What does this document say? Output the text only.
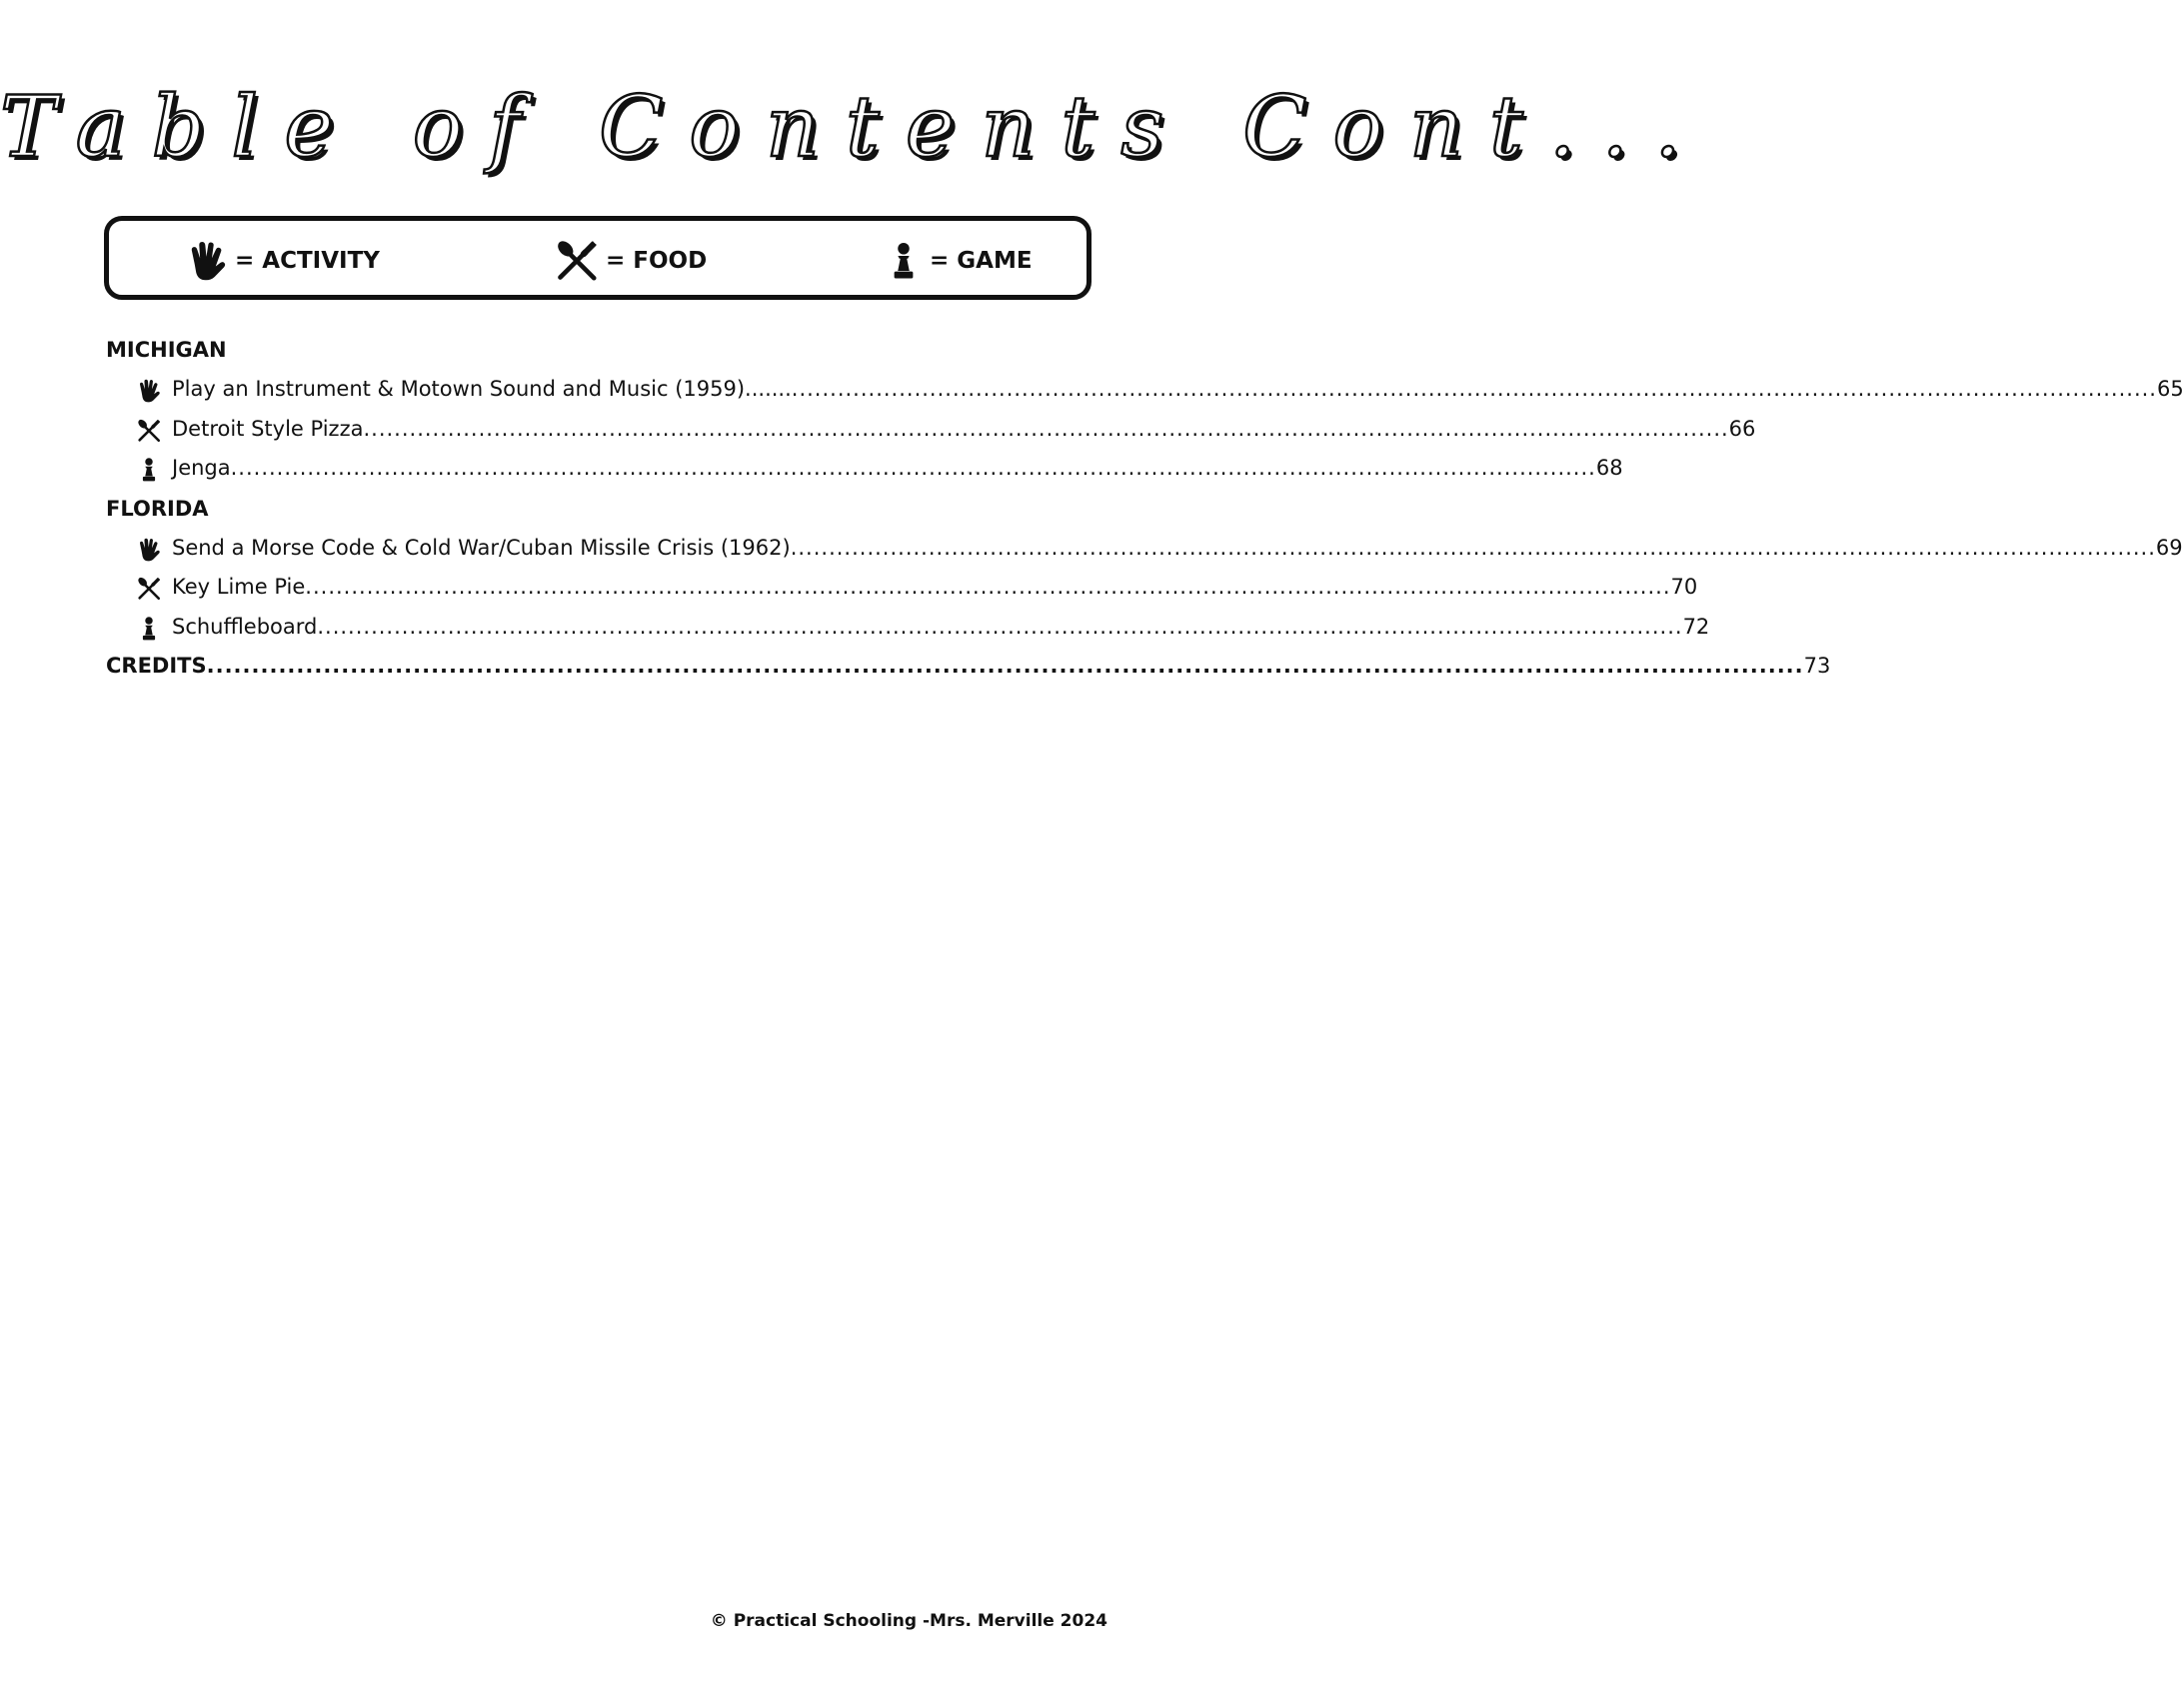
Table of Contents Cont...
= ACTIVITY	= FOOD	= GAME
MICHIGAN
Play an Instrument & Motown Sound and Music (1959)....... .................................................................................................................................................................................. 65
Detroit Style Pizza .................................................................................................................................................................................. 66
Jenga .................................................................................................................................................................................. 68
FLORIDA
Send a Morse Code & Cold War/Cuban Missile Crisis (1962) .................................................................................................................................................................................. 69
Key Lime Pie .................................................................................................................................................................................. 70
Schuffleboard .................................................................................................................................................................................. 72
CREDITS .................................................................................................................................................................................. 73
© Practical Schooling -Mrs. Merville 2024
